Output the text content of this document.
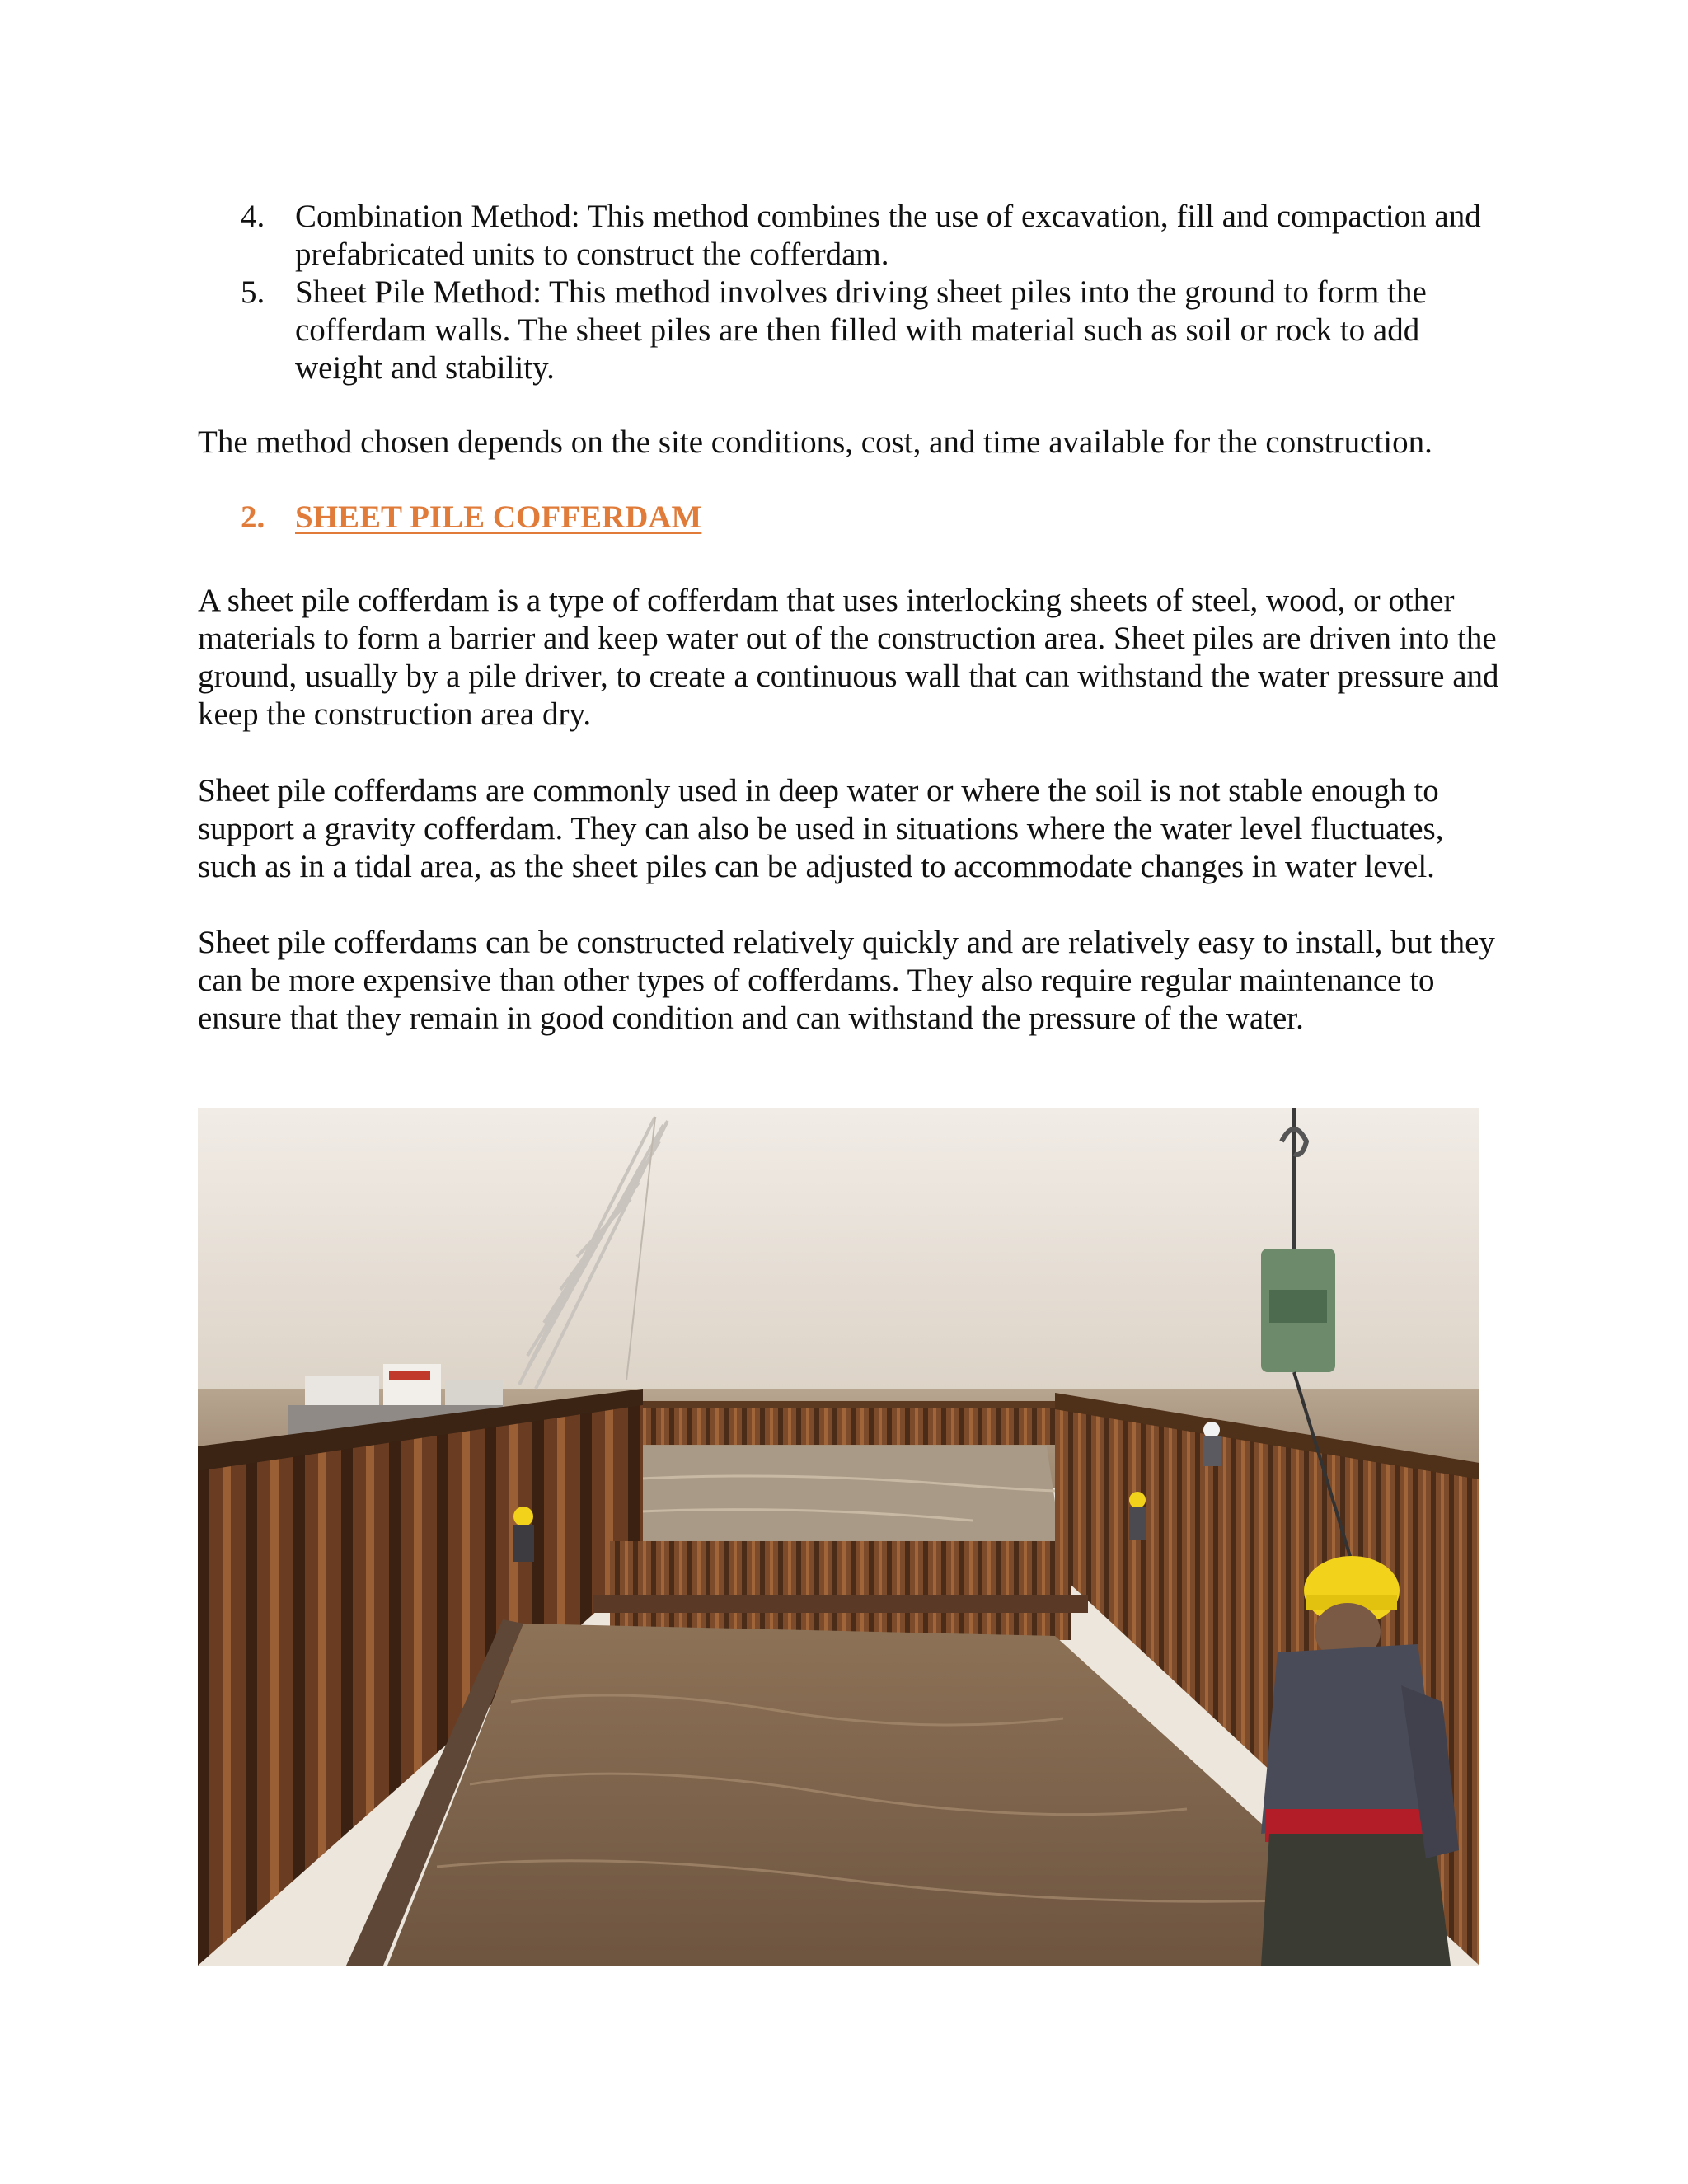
4. Combination Method: This method combines the use of excavation, fill and compaction and prefabricated units to construct the cofferdam.
5. Sheet Pile Method: This method involves driving sheet piles into the ground to form the cofferdam walls. The sheet piles are then filled with material such as soil or rock to add weight and stability.

The method chosen depends on the site conditions, cost, and time available for the construction.

2. SHEET PILE COFFERDAM

A sheet pile cofferdam is a type of cofferdam that uses interlocking sheets of steel, wood, or other materials to form a barrier and keep water out of the construction area. Sheet piles are driven into the ground, usually by a pile driver, to create a continuous wall that can withstand the water pressure and keep the construction area dry.

Sheet pile cofferdams are commonly used in deep water or where the soil is not stable enough to support a gravity cofferdam. They can also be used in situations where the water level fluctuates, such as in a tidal area, as the sheet piles can be adjusted to accommodate changes in water level.

Sheet pile cofferdams can be constructed relatively quickly and are relatively easy to install, but they can be more expensive than other types of cofferdams. They also require regular maintenance to ensure that they remain in good condition and can withstand the pressure of the water.
